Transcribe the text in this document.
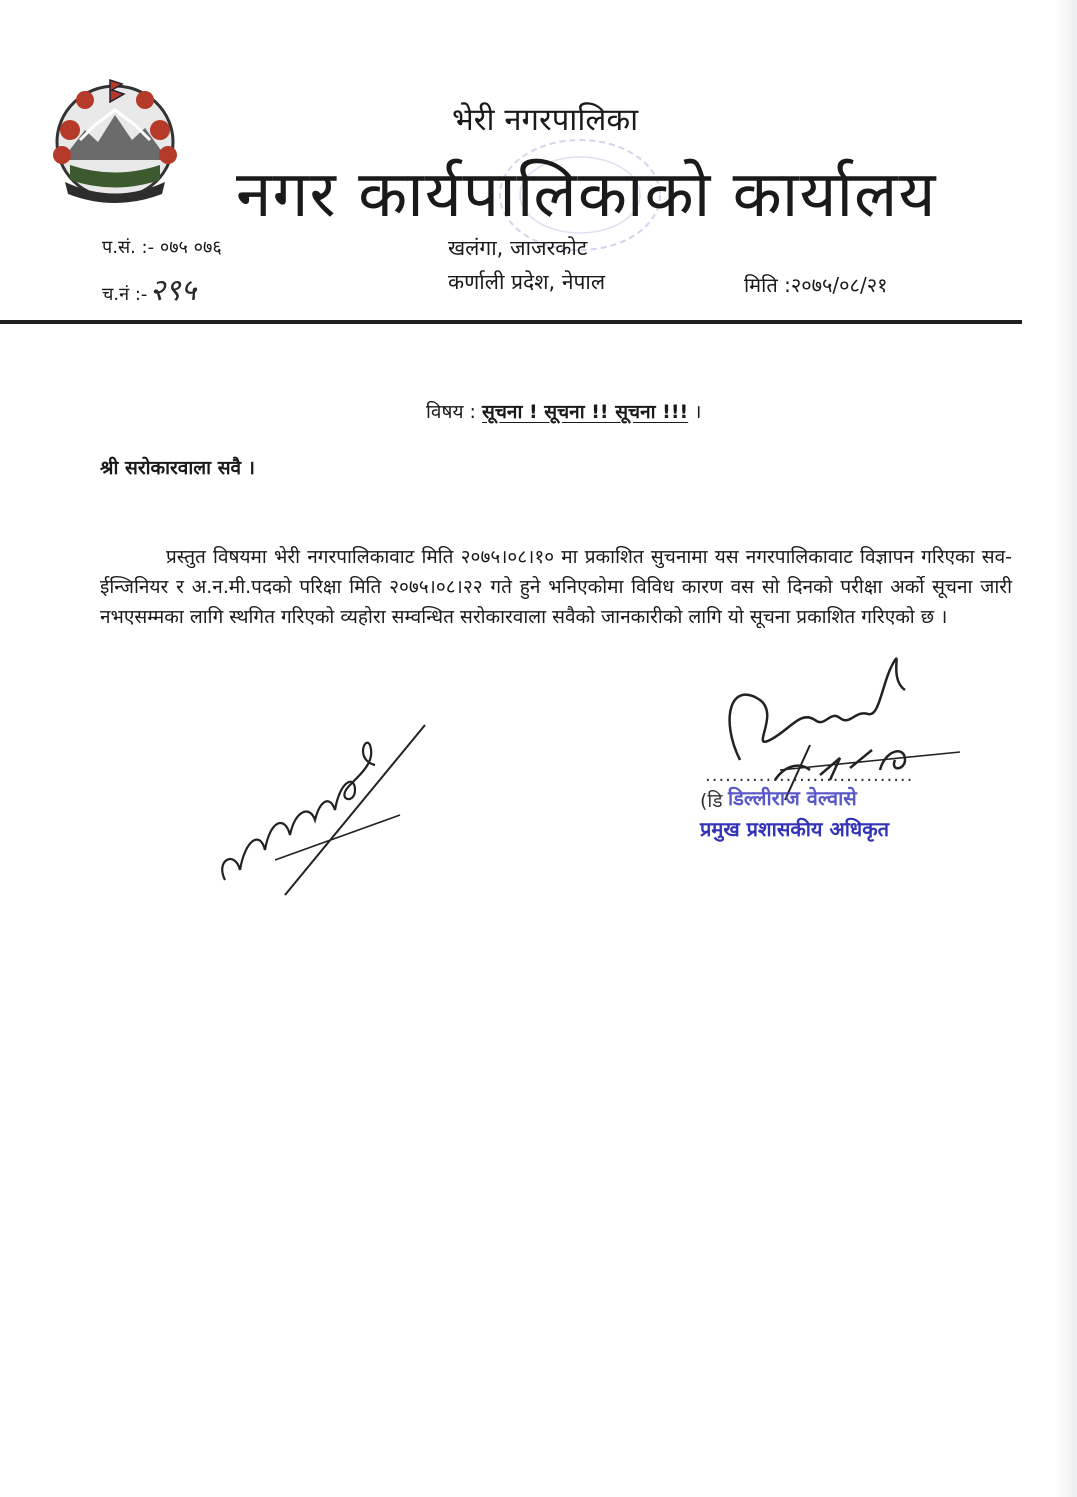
भेरी नगरपालिका
नगर कार्यपालिकाको कार्यालय
खलंगा, जाजरकोट
कर्णाली प्रदेश, नेपाल
प.सं. :- ०७५ ०७६
च.नं :-२९५	मिति :२०७५/०८/२१
विषय : सूचना ! सूचना !! सूचना !!! ।
श्री सरोकारवाला सवै ।
प्रस्तुत विषयमा भेरी नगरपालिकावाट मिति २०७५।०८।१० मा प्रकाशित सुचनामा यस नगरपालिकावाट विज्ञापन गरिएका सव- ईन्जिनियर र अ.न.मी.पदको परिक्षा मिति २०७५।०८।२२ गते हुने भनिएकोमा विविध कारण वस सो दिनको परीक्षा अर्को सूचना जारी नभएसम्मका लागि स्थगित गरिएको व्यहोरा सम्वन्धित सरोकारवाला सवैको जानकारीको लागि यो सूचना प्रकाशित गरिएको छ ।
...............................
(डि डिल्लीराज वेल्वासे
प्रमुख प्रशासकीय अधिकृत
